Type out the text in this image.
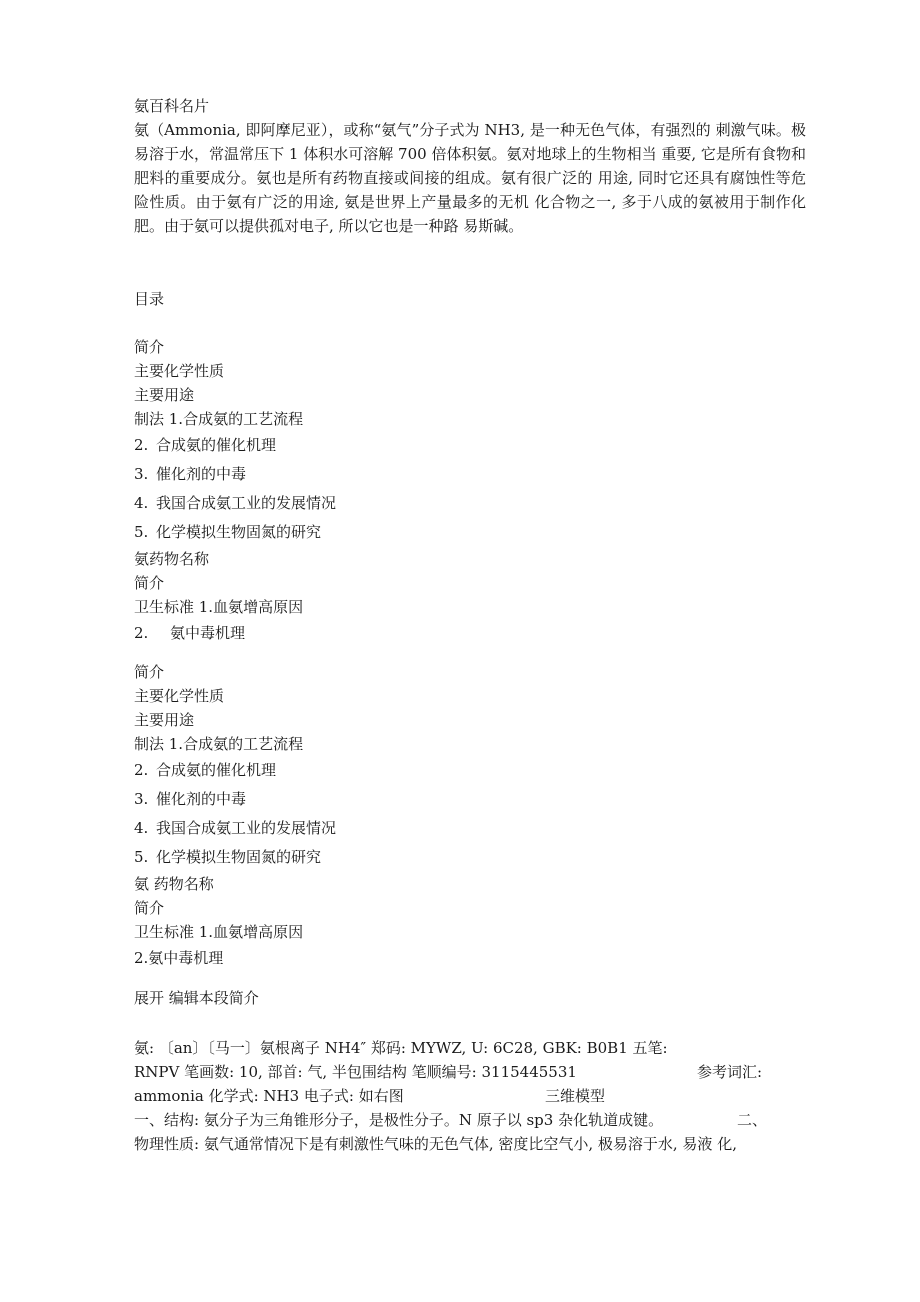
氨百科名片

氨（Ammonia, 即阿摩尼亚），或称“氨气”分子式为 NH3, 是一种无色气体，有强烈的 刺激气味。极易溶于水，常温常压下 1 体积水可溶解 700 倍体积氨。氨对地球上的生物相当 重要, 它是所有食物和肥料的重要成分。氨也是所有药物直接或间接的组成。氨有很广泛的 用途, 同时它还具有腐蚀性等危险性质。由于氨有广泛的用途, 氨是世界上产量最多的无机 化合物之一, 多于八成的氨被用于制作化肥。由于氨可以提供孤对电子, 所以它也是一种路 易斯碱。

目录
简介
主要化学性质
主要用途
制法 1.合成氨的工艺流程
2. 合成氨的催化机理
3. 催化剂的中毒
4. 我国合成氨工业的发展情况
5. 化学模拟生物固氮的研究
氨药物名称
简介
卫生标准 1.血氨增高原因
2. 氨中毒机理
简介
主要化学性质
主要用途
制法 1.合成氨的工艺流程
2. 合成氨的催化机理
3. 催化剂的中毒
4. 我国合成氨工业的发展情况
5. 化学模拟生物固氮的研究
氨 药物名称
简介
卫生标准 1.血氨增高原因
2.氨中毒机理
展开 编辑本段简介
氨: 〔an〕〔马一〕氨根离子 NH4″ 郑码: MYWZ, U: 6C28, GBK: B0B1 五笔:
RNPV 笔画数: 10, 部首: 气, 半包围结构 笔顺编号: 3115445531	参考词汇:
ammonia 化学式: NH3 电子式: 如右图	三维模型
一、结构: 氨分子为三角锥形分子，是极性分子。N 原子以 sp3 杂化轨道成键。	二、
物理性质: 氨气通常情况下是有刺激性气味的无色气体, 密度比空气小, 极易溶于水, 易液 化,
